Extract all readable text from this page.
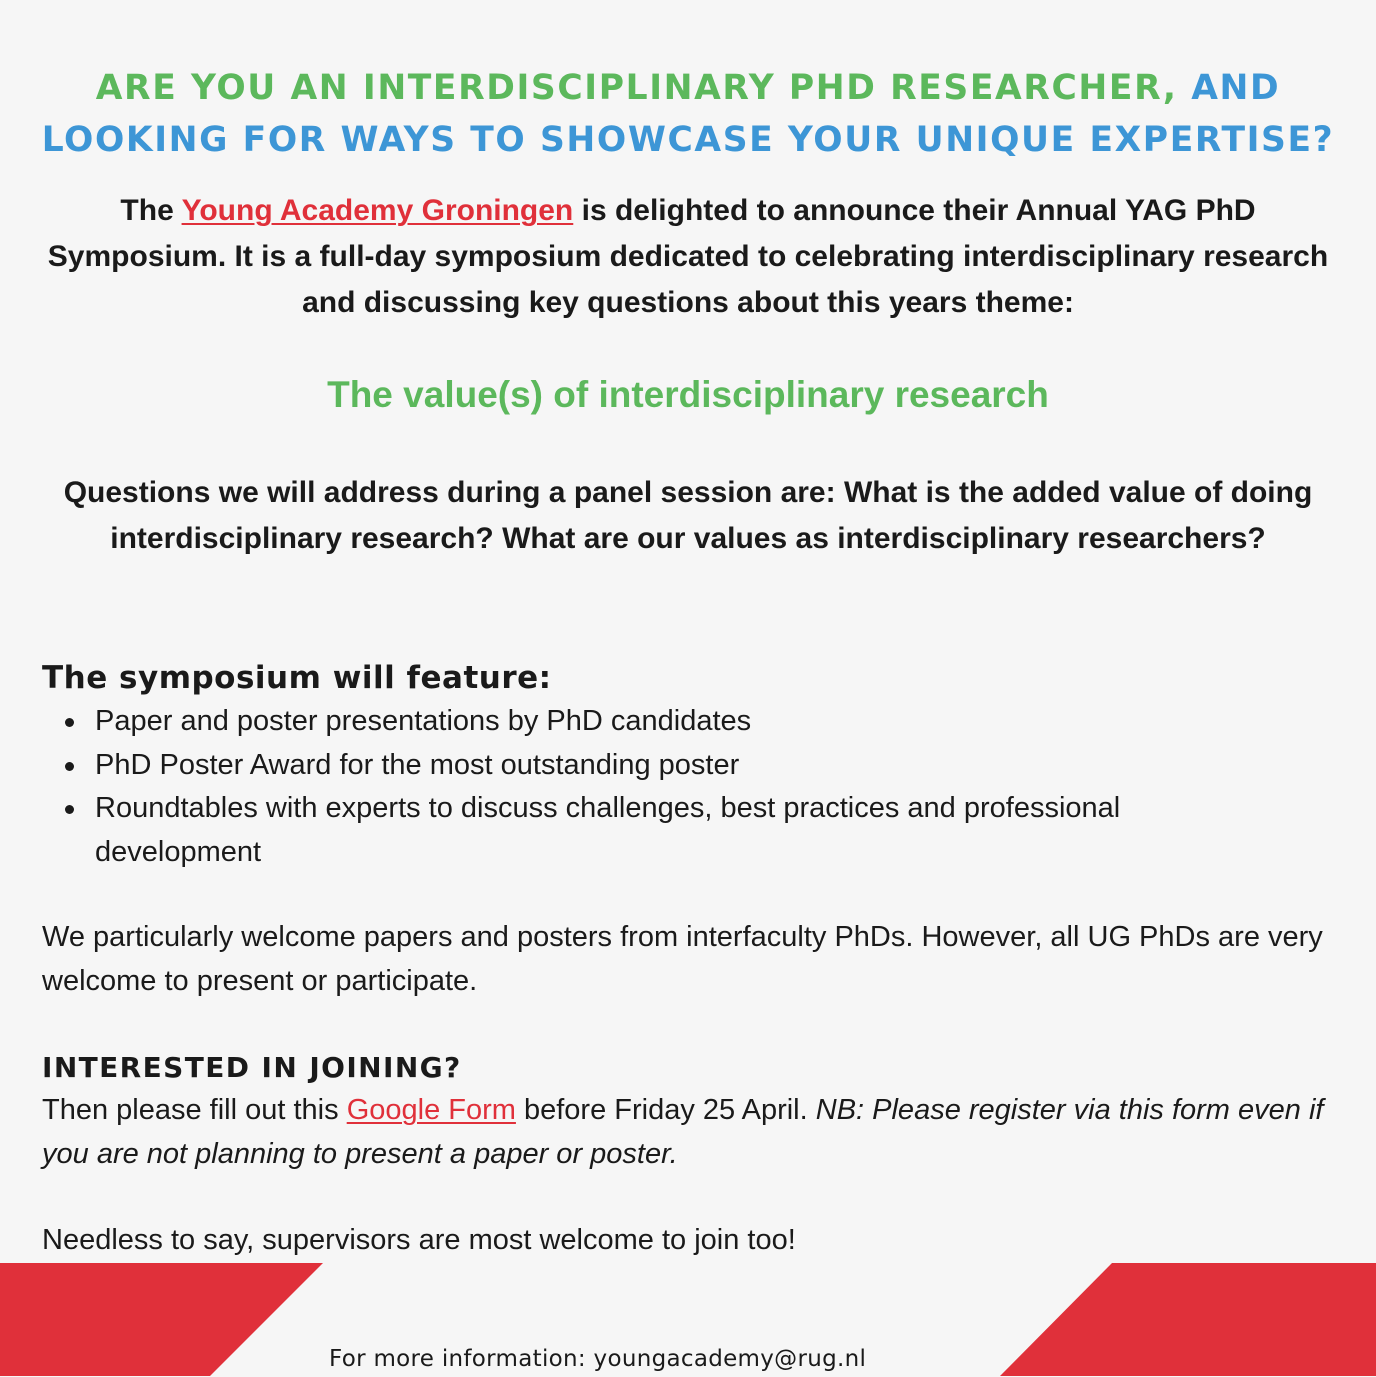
ARE YOU AN INTERDISCIPLINARY PHD RESEARCHER, AND
LOOKING FOR WAYS TO SHOWCASE YOUR UNIQUE EXPERTISE?

The Young Academy Groningen is delighted to announce their Annual YAG PhD Symposium. It is a full-day symposium dedicated to celebrating interdisciplinary research and discussing key questions about this years theme:

The value(s) of interdisciplinary research

Questions we will address during a panel session are: What is the added value of doing interdisciplinary research? What are our values as interdisciplinary researchers?

The symposium will feature:
Paper and poster presentations by PhD candidates
PhD Poster Award for the most outstanding poster
Roundtables with experts to discuss challenges, best practices and professional development

We particularly welcome papers and posters from interfaculty PhDs. However, all UG PhDs are very welcome to present or participate.

INTERESTED IN JOINING?

Then please fill out this Google Form before Friday 25 April. NB: Please register via this form even if you are not planning to present a paper or poster.

Needless to say, supervisors are most welcome to join too!

For more information: youngacademy@rug.nl
